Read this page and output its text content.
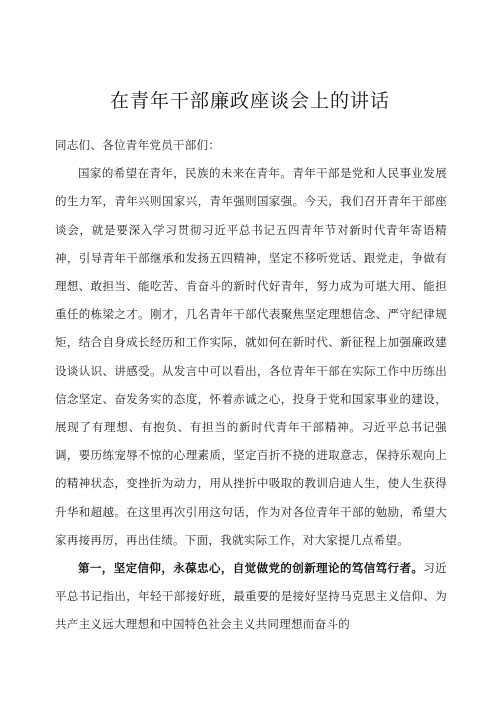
在青年干部廉政座谈会上的讲话

同志们、各位青年党员干部们：

国家的希望在青年，民族的未来在青年。青年干部是党和人民事业发展的生力军，青年兴则国家兴，青年强则国家强。今天，我们召开青年干部座谈会，就是要深入学习贯彻习近平总书记五四青年节对新时代青年寄语精神，引导青年干部继承和发扬五四精神，坚定不移听党话、跟党走，争做有理想、敢担当、能吃苦、肯奋斗的新时代好青年，努力成为可堪大用、能担重任的栋梁之才。刚才，几名青年干部代表聚焦坚定理想信念、严守纪律规矩，结合自身成长经历和工作实际，就如何在新时代、新征程上加强廉政建设谈认识、讲感受。从发言中可以看出，各位青年干部在实际工作中历练出信念坚定、奋发务实的态度，怀着赤诚之心，投身于党和国家事业的建设，展现了有理想、有抱负、有担当的新时代青年干部精神。习近平总书记强调，要历练宠辱不惊的心理素质，坚定百折不挠的进取意志，保持乐观向上的精神状态，变挫折为动力，用从挫折中吸取的教训启迪人生，使人生获得升华和超越。在这里再次引用这句话，作为对各位青年干部的勉励，希望大家再接再厉，再出佳绩。下面，我就实际工作，对大家提几点希望。

第一，坚定信仰，永葆忠心，自觉做党的创新理论的笃信笃行者。习近平总书记指出，年轻干部接好班，最重要的是接好坚持马克思主义信仰、为共产主义远大理想和中国特色社会主义共同理想而奋斗的
